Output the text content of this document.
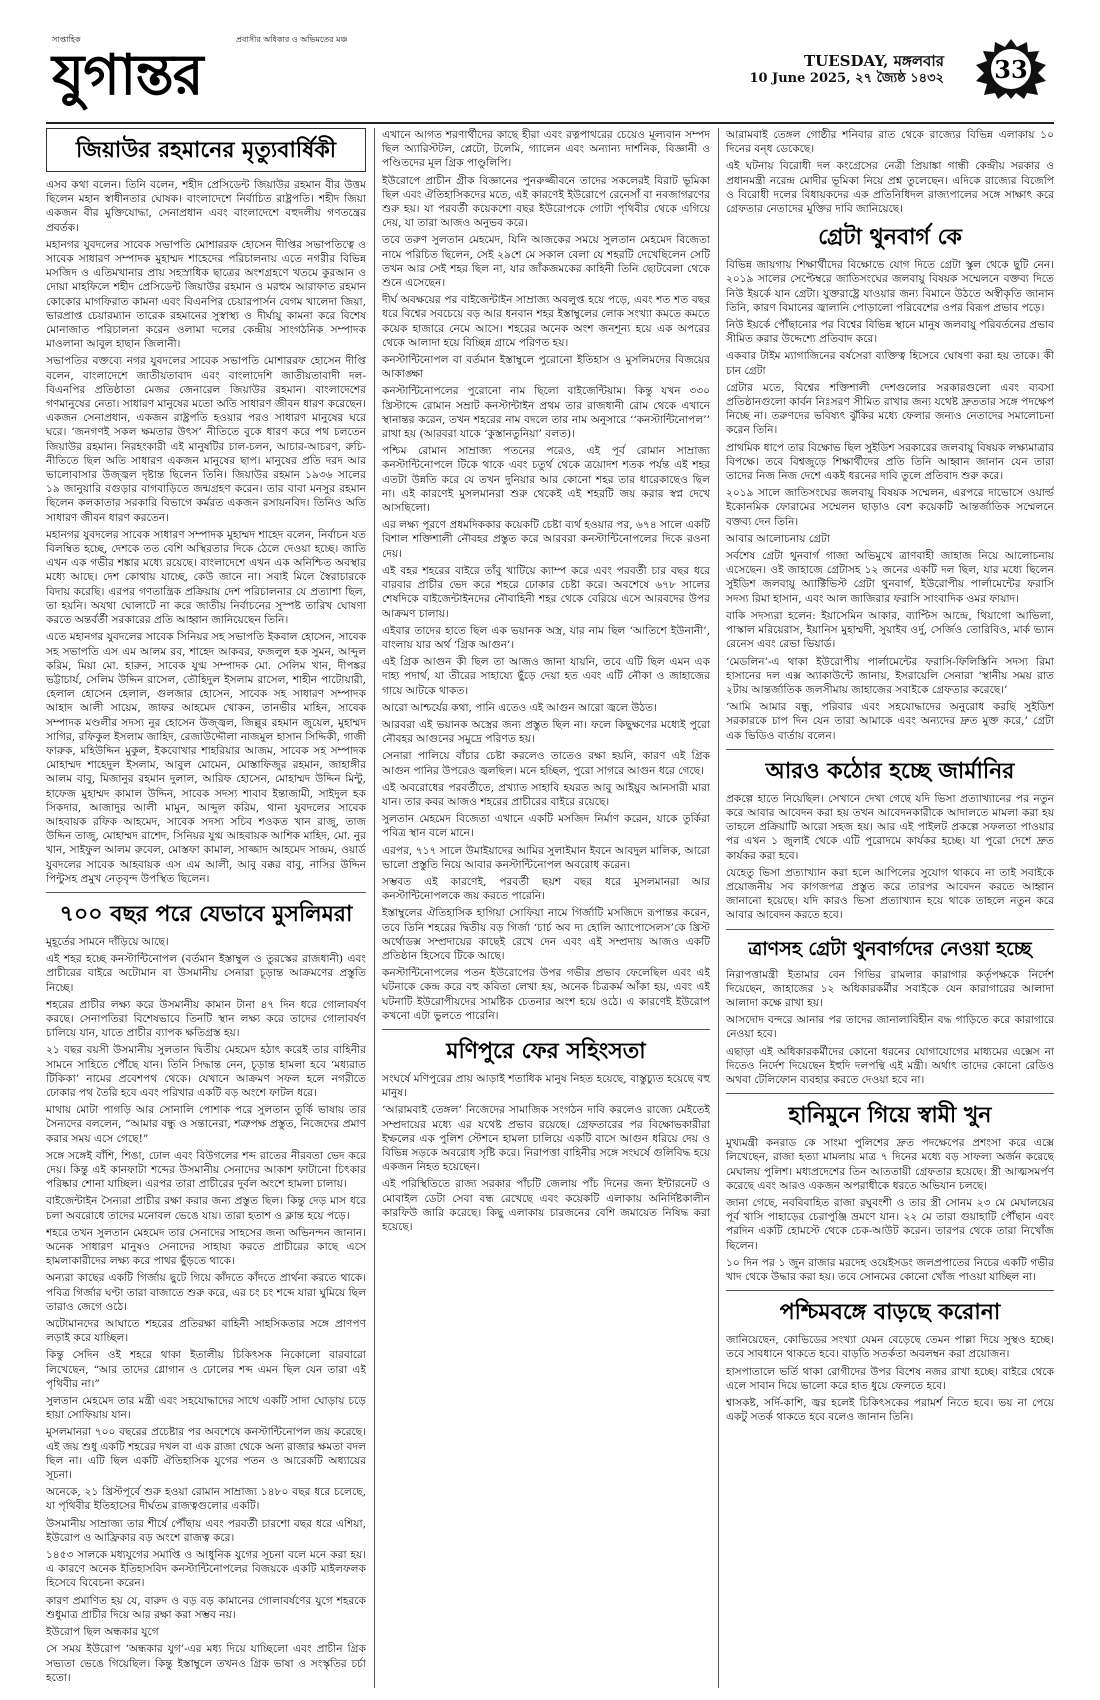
সাপ্তাহিক
যুগান্তর
প্রবাসীর অধিকার ও অভিমতের মঞ্চ
TUESDAY, মঙ্গলবার
10 June 2025, ২৭ জ্যৈষ্ঠ ১৪৩২ 33
জিয়াউর রহমানের মৃত্যুবার্ষিকী

এসব কথা বলেন। তিনি বলেন, শহীদ প্রেসিডেন্ট জিয়াউর রহমান বীর উত্তম ছিলেন মহান স্বাধীনতার ঘোষক। বাংলাদেশে নির্বাচিত রাষ্ট্রপতি। শহীদ জিয়া একজন বীর মুক্তিযোদ্ধা, সেনাপ্রধান এবং বাংলাদেশে বহুদলীয় গণতন্ত্রের প্রবর্তক।

মহানগর যুবদলের সাবেক সভাপতি মোশাররফ হোসেন দীপ্তির সভাপতিত্বে ও সাবেক সাধারণ সম্পাদক মুহাম্মদ শাহেদের পরিচালনায় এতে নগরীর বিভিন্ন মসজিদ ও এতিমখানার প্রায় সহস্রাধিক ছাত্রের অংশগ্রহণে খতমে কুরআন ও দোয়া মাহফিলে শহীদ প্রেসিডেন্ট জিয়াউর রহমান ও মরহুম আরাফাত রহমান কোকোর মাগফিরাত কামনা এবং বিএনপির চেয়ারপার্সন বেগম খালেদা জিয়া, ভারপ্রাপ্ত চেয়ারম্যান তারেক রহমানের সুস্বাস্থ্য ও দীর্ঘায়ু কামনা করে বিশেষ মোনাজাত পরিচালনা করেন ওলামা দলের কেন্দ্রীয় সাংগঠনিক সম্পাদক মাওলানা আবুল হাছান জিলানী।

সভাপতির বক্তব্যে নগর যুবদলের সাবেক সভাপতি মোশাররফ হোসেন দীপ্তি বলেন, বাংলাদেশে জাতীয়তাবাদ এবং বাংলাদেশি জাতীয়তাবাদী দল-বিএনপির প্রতিষ্ঠাতা মেজর জেনারেল জিয়াউর রহমান। বাংলাদেশের গণমানুষের নেতা। সাধারণ মানুষের মতো অতি সাধারণ জীবন ধারণ করেছেন। একজন সেনাপ্রধান, একজন রাষ্ট্রপতি হওয়ার পরও সাধারণ মানুষের ঘরে ঘরে। ‘জনগণই সকল ক্ষমতার উৎস’ নীতিতে বুকে ধারণ করে পথ চলতেন জিয়াউর রহমান। নিরহংকারী এই মানুষটির চাল-চলন, আচার-আচরণ, রুচি-নীতিতে ছিল অতি সাধারণ একজন মানুষের ছাপ। মানুষের প্রতি দরদ আর ভালোবাসার উজ্জ্বল দৃষ্টান্ত ছিলেন তিনি। জিয়াউর রহমান ১৯৩৬ সালের ১৯ জানুয়ারি বগুড়ার বাগবাড়িতে জন্মগ্রহণ করেন। তার বাবা মনসুর রহমান ছিলেন কলকাতার সরকারি বিভাগে কর্মরত একজন রসায়নবিদ। তিনিও অতি সাধারণ জীবন ধারণ করতেন।

মহানগর যুবদলের সাবেক সাধারণ সম্পাদক মুহাম্মদ শাহেদ বলেন, নির্বাচন যত বিলম্বিত হচ্ছে, দেশকে তত বেশি অস্থিরতার দিকে ঠেলে দেওয়া হচ্ছে। জাতি এখন এক গভীর শঙ্কার মধ্যে রয়েছে। বাংলাদেশে এখন এক অনিশ্চিত অবস্থার মধ্যে আছে। দেশ কোথায় যাচ্ছে, কেউ জানে না। সবাই মিলে স্বৈরাচারকে বিদায় করেছি। এরপর গণতান্ত্রিক প্রক্রিয়ায় দেশ পরিচালনার যে প্রত্যাশা ছিল, তা হয়নি। অযথা ঘোলাটে না করে জাতীয় নির্বাচনের সুস্পষ্ট তারিখ ঘোষণা করতে অন্তর্বর্তী সরকারের প্রতি আহ্বান জানিয়েছেন তিনি।

এতে মহানগর যুবদলের সাবেক সিনিয়র সহ সভাপতি ইকবাল হোসেন, সাবেক সহ সভাপতি এস এম আলম রব, শাহেদ আকবর, ফজলুল হক সুমন, আব্দুল করিম, মিয়া মো. হারুন, সাবেক যুগ্ম সম্পাদক মো. সেলিম খান, দীপঙ্কর ভট্টাচার্য, সেলিম উদ্দিন রাসেল, তৌহিদুল ইসলাম রাসেল, শাহীন পাটোয়ারী, হেলাল হোসেন হেলাল, গুলজার হোসেন, সাবেক সহ সাধারণ সম্পাদক আহাদ আলী সায়েম, জাফর আহমেদ খোকন, তানভীর মাহিন, সাবেক সম্পাদক মণ্ডলীর সদস্য নুর হোসেন উজ্জ্বল, জিল্লুর রহমান জুয়েল, মুহাম্মদ সাগির, রফিকুল ইসলাম জাহিদ, রেজাউদ্দৌলা নাজমুল হাসান সিদ্দিকী, গাজী ফারুক, মহিউদ্দিন মুকুল, ইকবোখার শাহরিয়ার আজম, সাবেক সহ সম্পাদক মোহাম্মদ শাহেদুল ইসলাম, আবুল মোমেন, মোস্তাফিজুর রহমান, জাহাঙ্গীর আলম বাবু, মিজানুর রহমান দুলাল, আরিফ হোসেন, মোহাম্মদ উদ্দিন মিন্টু, হাফেজ মুহাম্মদ কামাল উদ্দিন, সাবেক সদস্য শাবাব ইন্তাজামী, সাইদুল হক সিকদার, আজাদুর আলী মামুন, আব্দুল করিম, থানা যুবদলের সাবেক আহবায়ক রফিক আহমেদ, সাবেক সদস্য সচিব শওকত খান রাজু, তাজ উদ্দিন তাজু, মোহাম্মদ রাশেদ, সিনিয়র যুগ্ম আহবায়ক আশিক মাহিদ, মো. নুর খান, সাইফুল আলম রুবেল, মোস্তফা কামাল, সাজ্জাদ আহমেদ সান্দ্রম, ওয়ার্ড যুবদলের সাবেক আহবায়ক এস এম আলী, আবু বক্কর বাবু, নাসির উদ্দিন পিন্টুসহ প্রমুখ নেতৃবৃন্দ উপস্থিত ছিলেন।

৭০০ বছর পরে যেভাবে মুসলিমরা

মুহূর্তের সামনে দাঁড়িয়ে আছে।

এই শহর হচ্ছে কনস্টান্টিনোপল (বর্তমান ইস্তাম্বুল ও তুরস্কের রাজধানী) এবং প্রাচীরের বাইরে অটোমান বা উসমানীয় সেনারা চূড়ান্ত আক্রমণের প্রস্তুতি নিচ্ছে।

শহরের প্রাচীর লক্ষ্য করে উসমানীয় কামান টানা ৪৭ দিন ধরে গোলাবর্ষণ করছে। সেনাপতিরা বিশেষভাবে তিনটি স্থান লক্ষ্য করে তাদের গোলাবর্ষণ চালিয়ে যান, যাতে প্রাচীর ব্যাপক ক্ষতিগ্রস্ত হয়।

২১ বছর বয়সী উসমানীয় সুলতান দ্বিতীয় মেহমেদ হঠাৎ করেই তার বাহিনীর সামনে সাহিতে পৌঁছে যান। তিনি সিদ্ধান্ত নেন, চূড়ান্ত হামলা হবে ‘মধ্যরাত টিকিকা’ নামের প্রবেশপথ থেকে। যেখানে আক্রমণ সফল হলে নগরীতে ঢোকার পথ তৈরি হবে এবং পরিখার একটি বড় অংশে ফাটল ধরে।

মাথায় মোটা পাগড়ি আর সোনালি পোশাক পরে সুলতান তুর্কি ভাষায় তার সৈন্যদের বললেন, “আমার বন্ধু ও সন্তানেরা, শত্রুপক্ষ প্রস্তুত, নিজেদের প্রমাণ করার সময় এসে গেছে!”

সঙ্গে সঙ্গেই বাঁশি, শিঙা, ঢোল এবং বিউগলের শব্দ রাতের নীরবতা ভেদ করে দেয়। কিন্তু এই কানফাটা শব্দের উসমানীয় সেনাদের আকাশ ফাটানো চিৎকার পরিষ্কার শোনা যাচ্ছিল। এরপর তারা প্রাচীরের দুর্বল অংশে হামলা চালায়।

বাইজেন্টাইন সৈন্যরা প্রাচীর রক্ষা করার জন্য প্রস্তুত ছিল। কিন্তু দেড় মাস ধরে চলা অবরোধে তাদের মনোবল ভেঙে যায়। তারা হতাশ ও ক্লান্ত হয়ে পড়ে।

শহরে তখন সুলতান মেহমেদ তার সেনাদের সাহসের জন্য অভিনন্দন জানান। অনেক সাধারণ মানুষও সেনাদের সাহায্য করতে প্রাচীরের কাছে এসে হামলাকারীদের লক্ষ্য করে পাথর ছুঁড়তে থাকে।

অন্যরা কাছের একটি গির্জায় ছুটে গিয়ে কাঁদতে কাঁদতে প্রার্থনা করতে থাকে। পবিত্র গির্জার ঘণ্টা তারা বাজাতে শুরু করে, এর চং চং শব্দে যারা ঘুমিয়ে ছিল তারাও জেগে ওঠে।

অটোমানদের আঘাতে শহরের প্রতিরক্ষা বাহিনী সাহসিকতার সঙ্গে প্রাণপণ লড়াই করে যাচ্ছিল।

কিন্তু সেদিন ওই শহরে থাকা ইতালীয় চিকিৎসক নিকোলো বারবারো লিখেছেন, “আর তাদের গ্লোগান ও ঢোলের শব্দ এমন ছিল যেন তারা এই পৃথিবীর না।”

সুলতান মেহমেদ তার মন্ত্রী এবং সহযোদ্ধাদের সাথে একটি সাদা ঘোড়ায় চড়ে হায়া সোফিয়ায় যান।

মুসলমানরা ৭০০ বছরের প্রচেষ্টার পর অবশেষে কনস্টান্টিনোপল জয় করেছে। এই জয় শুধু একটি শহরের দখল বা এক রাজা থেকে অন্য রাজার ক্ষমতা বদল ছিল না। এটি ছিল একটি ঐতিহাসিক যুগের পতন ও আরেকটি অধ্যায়ের সূচনা।

অনেকে, ২১ খ্রিস্টপূর্বে শুরু হওয়া রোমান সাম্রাজ্য ১৪৮০ বছর ধরে চলেছে, যা পৃথিবীর ইতিহাসের দীর্ঘতম রাজত্বগুলোর একটি।

উসমানীয় সাম্রাজ্য তার শীর্ষে পৌঁছায় এবং পরবর্তী চারশো বছর ধরে এশিয়া, ইউরোপ ও আফ্রিকার বড় অংশে রাজত্ব করে।

১৪৫৩ সালকে মধ্যযুগের সমাপ্তি ও আধুনিক যুগের সূচনা বলে মনে করা হয়। এ কারণে অনেক ইতিহাসবিদ কনস্টান্টিনোপলের বিজয়কে একটি মাইলফলক হিসেবে বিবেচনা করেন।

কারণ প্রমাণিত হয় যে, বারুদ ও বড় বড় কামানের গোলাবর্ষণের যুগে শহরকে শুধুমাত্র প্রাচীর দিয়ে আর রক্ষা করা সম্ভব নয়।

ইউরোপ ছিল অন্ধকার যুগে

সে সময় ইউরোপ ‘অন্ধকার যুগ’-এর মধ্য দিয়ে যাচ্ছিলো এবং প্রাচীন গ্রিক সভ্যতা ভেঙে গিয়েছিল। কিন্তু ইস্তাম্বুলে তখনও গ্রিক ভাষা ও সংস্কৃতির চর্চা হতো।

এখানে আগত শরণার্থীদের কাছে হীরা এবং রত্নপাথরের চেয়েও মূল্যবান সম্পদ ছিল অ্যারিস্টটল, প্লেটো, টলেমি, গ্যালেন এবং অন্যান্য দার্শনিক, বিজ্ঞানী ও পণ্ডিতদের মূল গ্রিক পাণ্ডুলিপি।

ইউরোপে প্রাচীন গ্রীক বিজ্ঞানের পুনরুজ্জীবনে তাদের সকলেরই বিরাট ভূমিকা ছিল এবং ঐতিহাসিকদের মতে, এই কারণেই ইউরোপে রেনেসাঁ বা নবজাগরণের শুরু হয়। যা পরবর্তী কয়েকশো বছর ইউরোপকে গোটা পৃথিবীর থেকে এগিয়ে দেয়, যা তারা আজও অনুভব করে।

তবে তরুণ সুলতান মেহমেদ, যিনি আজকের সময়ে সুলতান মেহমেদ বিজেতা নামে পরিচিত ছিলেন, সেই ২৯শে মে সকাল বেলা যে শহরটি দেখেছিলেন সেটি তখন আর সেই শহর ছিল না, যার জাঁকজমকের কাহিনী তিনি ছোটবেলা থেকে শুনে এসেছেন।

দীর্ঘ অবক্ষয়ের পর বাইজেন্টাইন সাম্রাজ্য অবলুপ্ত হয়ে পড়ে, এবং শত শত বছর ধরে বিশ্বের সবচেয়ে বড় আর ধনবান শহর ইস্তাম্বুলের লোক সংখ্যা কমতে কমতে কয়েক হাজারে নেমে আসে। শহরের অনেক অংশ জনশূন্য হয়ে এক অপরের থেকে আলাদা হয়ে বিচ্ছিন্ন গ্রামে পরিণত হয়।

কনস্টান্টিনোপল বা বর্তমান ইস্তাম্বুলে পুরোনো ইতিহাস ও মুসলিমদের বিজয়ের আকাঙ্ক্ষা

কনস্টান্টিনোপলের পুরোনো নাম ছিলো বাইজেন্টিয়াম। কিন্তু যখন ৩৩০ খ্রিস্টাব্দে রোমান সম্রাট কনস্টান্টাইন প্রথম তার রাজধানী রোম থেকে এখানে স্থানান্তর করেন, তখন শহরের নাম বদলে তার নাম অনুসারে ‘‘কনস্টান্টিনোপল’’ রাখা হয় (আরবরা যাকে ‘কুস্তানতুনিয়া’ বলত)।

পশ্চিম রোমান সাম্রাজ্য পতনের পরেও, এই পূর্ব রোমান সাম্রাজ্য কনস্টান্টিনোপলে টিকে থাকে এবং চতুর্থ থেকে ত্রয়োদশ শতক পর্যন্ত এই শহর এতটা উন্নতি করে যে তখন দুনিয়ার আর কোনো শহর তার ধারেকাছেও ছিল না। এই কারণেই মুসলমানরা শুরু থেকেই এই শহরটি জয় করার স্বপ্ন দেখে আসছিলো।

এর লক্ষ্য পূরণে প্রধমদিককার কয়েকটি চেষ্টা ব্যর্থ হওয়ার পর, ৬৭৪ সালে একটি বিশাল শক্তিশালী নৌবহর প্রস্তুত করে আরবরা কনস্টান্টিনোপলের দিকে রওনা দেয়।

এই বহর শহরের বাইরে তাঁবু খাটিয়ে ক্যাম্প করে এবং পরবর্তী চার বছর ধরে বারবার প্রাচীর ভেদ করে শহরে ঢোকার চেষ্টা করে। অবশেষে ৬৭৮ সালের শেষদিকে বাইজেন্টাইনদের নৌবাহিনী শহর থেকে বেরিয়ে এসে আরবদের উপর আক্রমণ চালায়।

এইবার তাদের হাতে ছিল এক ভয়ানক অস্ত্র, যার নাম ছিল ‘আতিশে ইউনানী’, বাংলায় যার অর্থ ‘গ্রিক আগুন’।

এই গ্রিক আগুন কী ছিল তা আজও জানা যায়নি, তবে এটি ছিল এমন এক দাহ্য পদার্থ, যা তীরের সাহায্যে ছুঁড়ে দেয়া হত এবং এটি নৌকা ও জাহাজের গায়ে আটকে থাকত।

আরো আশ্চর্যের কথা, পানি এতেও এই আগুন আরো জ্বলে উঠত।

আরবরা এই ভয়ানক অস্ত্রের জন্য প্রস্তুত ছিল না। ফলে কিছুক্ষণের মধ্যেই পুরো নৌবহর আগুনের সমুদ্রে পরিণত হয়।

সেনারা পালিয়ে বাঁচার চেষ্টা করলেও তাতেও রক্ষা হয়নি, কারণ এই গ্রিক আগুন পানির উপরেও জ্বলছিল। মনে হচ্ছিল, পুরো সাগরে আগুন ধরে গেছে।

এই অবরোধের পরবর্তীতে, প্রখ্যাত সাহাবি হযরত আবু আইয়ুব আনসারী মারা যান। তার কবর আজও শহরের প্রাচীরের বাইরে রয়েছে।

সুলতান মেহমেদ বিজেতা এখানে একটি মসজিদ নির্মাণ করেন, যাকে তুর্কিরা পবিত্র স্থান বলে মানে।

এরপর, ৭১৭ সালে উমাইয়াদের আমির সুলাইমান ইবনে আবদুল মালিক, আরো ভালো প্রস্তুতি নিয়ে আবার কনস্টান্টিনোপল অবরোধ করেন।

সম্ভবত এই কারণেই, পরবর্তী ছয়শ বছর ধরে মুসলমানরা আর কনস্টান্টিনোপলকে জয় করতে পারেনি।

ইস্তাম্বুলের ঐতিহাসিক হাগিয়া সোফিয়া নামে গির্জাটি মসজিদে রূপান্তর করেন, তবে তিনি শহরের দ্বিতীয় বড় গির্জা ‘চার্চ অব দ্য হোলি অ্যাপোসেলস’কে খ্রিস্ট অর্থোডক্স সম্প্রদায়ের কাছেই রেখে দেন এবং এই সম্প্রদায় আজও একটি প্রতিষ্ঠান হিসেবে টিকে আছে।

কনস্টান্টিনোপলের পতন ইউরোপের উপর গভীর প্রভাব ফেলেছিল এবং এই ঘটনাকে কেন্দ্র করে বহু কবিতা লেখা হয়, অনেক চিত্রকর্ম আঁকা হয়, এবং এই ঘটনাটি ইউরোপীয়দের সামষ্টিক চেতনার অংশ হয়ে ওঠে। এ কারণেই ইউরোপ কখনো এটা ভুলতে পারেনি।

মণিপুরে ফের সহিংসতা

সংঘর্ষে মণিপুরের প্রায় আড়াই শতাধিক মানুষ নিহত হয়েছে, বাস্তুচ্যুত হয়েছে বহু মানুষ।

‘আরামবাই তেঙ্গল’ নিজেদের সামাজিক সংগঠন দাবি করলেও রাজ্যে মেইতেই সম্প্রদায়ের মধ্যে এর যথেষ্ট প্রভাব রয়েছে। গ্রেফতারের পর বিক্ষোভকারীরা ইম্ফলের এক পুলিশ স্টেশনে হামলা চালিয়ে একটি বাসে আগুন ধরিয়ে দেয় ও বিভিন্ন সড়কে অবরোধ সৃষ্টি করে। নিরাপত্তা বাহিনীর সঙ্গে সংঘর্ষে গুলিবিদ্ধ হয়ে একজন নিহত হয়েছেন।

এই পরিস্থিতিতে রাজ্য সরকার পাঁচটি জেলায় পাঁচ দিনের জন্য ইন্টারনেট ও মোবাইল ডেটা সেবা বন্ধ রেখেছে এবং কয়েকটি এলাকায় অনির্দিষ্টকালীন কারফিউ জারি করেছে। কিছু এলাকায় চারজনের বেশি জমায়েত নিষিদ্ধ করা হয়েছে।

আরামবাই তেঙ্গল গোষ্ঠীর শনিবার রাত থেকে রাজ্যের বিভিন্ন এলাকায় ১০ দিনের বন্‌ধ ডেকেছে।

এই ঘটনায় বিরোধী দল কংগ্রেসের নেত্রী প্রিয়াঙ্কা গান্ধী কেন্দ্রীয় সরকার ও প্রধানমন্ত্রী নরেন্দ্র মোদীর ভূমিকা নিয়ে প্রশ্ন তুলেছেন। এদিকে রাজ্যের বিজেপি ও বিরোধী দলের বিধায়কদের এক প্রতিনিধিদল রাজ্যপালের সঙ্গে সাক্ষাৎ করে গ্রেফতার নেতাদের মুক্তির দাবি জানিয়েছে।

গ্রেটা থুনবার্গ কে

বিভিন্ন জায়গায় শিক্ষার্থীদের বিক্ষোভে যোগ দিতে গ্রেটা স্কুল থেকে ছুটি নেন। ২০১৯ সালের সেপ্টেম্বরে জাতিসংঘের জলবায়ু বিষয়ক সম্মেলনে বক্তব্য দিতে নিউ ইয়র্কে যান গ্রেটা। যুক্তরাষ্ট্রে যাওয়ার জন্য বিমানে উঠতে অস্বীকৃতি জানান তিনি, কারণ বিমানের জ্বালানি পোড়ালো পরিবেশের ওপর বিরূপ প্রভাব পড়ে।

নিউ ইয়র্কে পৌঁছানোর পর বিশ্বের বিভিন্ন স্থানে মানুষ জলবায়ু পরিবর্তনের প্রভাব সীমিত করার উদ্দেশ্যে প্রতিবাদ করে।

একবার টাইম ম্যাগাজিনের বর্ষসেরা ব্যক্তিত্ব হিসেবে ঘোষণা করা হয় তাকে। কী চান গ্রেটা

গ্রেটার মতে, বিশ্বের শক্তিশালী দেশগুলোর সরকারগুলো এবং ব্যবসা প্রতিষ্ঠানগুলো কার্বন নিঃসরণ সীমিত রাখার জন্য যথেষ্ট দ্রুততার সঙ্গে পদক্ষেপ নিচ্ছে না। তরুণদের ভবিষ্যৎ ঝুঁকির মধ্যে ফেলার জন্যও নেতাদের সমালোচনা করেন তিনি।

প্রাথমিক ধাপে তার বিক্ষোভ ছিল সুইডিশ সরকারের জলবায়ু বিষয়ক লক্ষ্যমাত্রার বিপক্ষে। তবে বিশ্বজুড়ে শিক্ষার্থীদের প্রতি তিনি আহ্বান জানান যেন তারা তাদের নিজ নিজ দেশে একই ধরনের দাবি তুলে প্রতিবাদ শুরু করে।

২০১৯ সালে জাতিসংঘের জলবায়ু বিষয়ক সম্মেলন, এরপরে দাভোসে ওয়ার্ল্ড ইকোনমিক ফোরামের সম্মেলন ছাড়াও বেশ কয়েকটি আন্তর্জাতিক সম্মেলনে বক্তব্য দেন তিনি।

আবার আলোচনায় গ্রেটা

সর্বশেষ গ্রেটা থুনবার্গ গাজা অভিমুখে ত্রাণবাহী জাহাজ নিয়ে আলোচনায় এসেছেন। ওই জাহাজে গ্রেটাসহ ১২ জনের একটি দল ছিল, যার মধ্যে ছিলেন সুইডিশ জলবায়ু অ্যাক্টিভিস্ট গ্রেটা থুনবার্গ, ইউরোপীয় পার্লামেন্টের ফরাসি সদস্য রিমা হাসান, এবং আল জাজিরার ফরাসি সাংবাদিক ওমর ফায়াদ।

বাকি সদস্যরা হলেন: ইয়াসেমিন আকার, ব্যাপ্টিস আন্দ্রে, থিয়াগো আভিলা, পাস্কাল মরিয়েরাস, ইয়ানিস মুহাম্মদী, সুয়াইব ওর্দু, সের্জিও তোরিবিও, মার্ক ভ্যান রেনেস এবং রেভা ভিয়ার্ড।

‘মেডলিন’-এ থাকা ইউরোপীয় পার্লামেন্টের ফরাসি-ফিলিস্তিনি সদস্য রিমা হাসানের দল এক্স অ্যাকাউন্টে জানায়, ইসরায়েলি সেনারা ‘স্থানীয় সময় রাত ২টায় আন্তর্জাতিক জলসীমায় জাহাজের সবাইকে গ্রেফতার করেছে।’

‘আমি আমার বন্ধু, পরিবার এবং সহযোদ্ধাদের অনুরোধ করছি সুইডিশ সরকারকে চাপ দিন যেন তারা আমাকে এবং অন্যদের দ্রুত মুক্ত করে,’ গ্রেটা এক ভিডিও বার্তায় বলেন।

আরও কঠোর হচ্ছে জার্মানির

প্রকল্পে হাতে নিয়েছিল। সেখানে দেখা গেছে যদি ভিসা প্রত্যাখ্যানের পর নতুন করে আবার আবেদন করা হয় তখন আবেদনকারীকে আদালতে মামলা করা হয় তাহলে প্রক্রিয়াটি আরো সহজ হয়। আর এই পাইলট প্রকল্পে সফলতা পাওয়ার পর এখন ১ জুলাই থেকে এটি পুরোদমে কার্যকর হচ্ছে। যা পুরো দেশে দ্রুত কার্যকর করা হবে।

যেহেতু ভিসা প্রত্যাখ্যান করা হলে আপিলের সুযোগ থাকবে না তাই সবাইকে প্রয়োজনীয় সব কাগজপত্র প্রস্তুত করে তারপর আবেদন করতে আহ্বান জানানো হয়েছে। যদি কারও ভিসা প্রত্যাখ্যান হয়ে থাকে তাহলে নতুন করে আবার আবেদন করতে হবে।

ত্রাণসহ গ্রেটা থুনবার্গদের নেওয়া হচ্ছে

নিরাপত্তামন্ত্রী ইতামার বেন গিভির রামলার কারাগার কর্তৃপক্ষকে নির্দেশ দিয়েছেন, জাহাজের ১২ অধিকারকর্মীর সবাইকে যেন কারাগারের আলাদা আলাদা কক্ষে রাখা হয়।

আসদোদ বন্দরে আনার পর তাদের জানালাবিহীন বদ্ধ গাড়িতে করে কারাগারে নেওয়া হবে।

এছাড়া এই অধিকারকর্মীদের কোনো ধরনের যোগাযোগের মাধ্যমের এক্সেস না দিতেও নির্দেশ দিয়েছেন ইহুদি দলপন্থি এই মন্ত্রী। অর্থাৎ তাদের কোনো রেডিও অথবা টেলিফোন ব্যবহার করতে দেওয়া হবে না।

হানিমুনে গিয়ে স্বামী খুন

মুখ্যমন্ত্রী কনরাড কে সাংমা পুলিশের দ্রুত পদক্ষেপের প্রশংসা করে এক্সে লিখেছেন, রাজা হত্যা মামলায় মাত্র ৭ দিনের মধ্যে বড় সাফল্য অর্জন করেছে মেঘালয় পুলিশ। মধ্যপ্রদেশের তিন আততায়ী গ্রেফতার হয়েছে। স্ত্রী আত্মসমর্পণ করেছে এবং আরও একজন অপরাধীকে ধরতে অভিযান চলছে।

জানা গেছে, নববিবাহিত রাজা রঘুবংশী ও তার স্ত্রী সোনম ২৩ মে মেঘালয়ের পূর্ব খাসি পাহাড়ের চেরাপুঞ্জি ভ্রমণে যান। ২২ মে তারা গুয়াহাটি পৌঁছান এবং পরদিন একটি হোমস্টে থেকে চেক-আউট করেন। তারপর থেকে তারা নিখোঁজ ছিলেন।

১০ দিন পর ১ জুন রাজার মরদেহ ওয়েইসডং জলপ্রপাতের নিচের একটি গভীর খাদ থেকে উদ্ধার করা হয়। তবে সোনমের কোনো খোঁজ পাওয়া যাচ্ছিল না।

পশ্চিমবঙ্গে বাড়ছে করোনা

জানিয়েছেন, কোভিডের সংখ্যা যেমন বেড়েছে তেমন পাল্লা দিয়ে সুস্থও হচ্ছে। তবে সাবধানে থাকতে হবে। বাড়তি সতর্কতা অবলম্বন করা প্রয়োজন।

হাসপাতালে ভর্তি থাকা রোগীদের উপর বিশেষ নজর রাখা হচ্ছে। বাইরে থেকে এলে সাবান দিয়ে ভালো করে হাত ধুয়ে ফেলতে হবে।

শ্বাসকষ্ট, সর্দি-কাশি, জ্বর হলেই চিকিৎসকের পরামর্শ নিতে হবে। ভয় না পেয়ে একটু সতর্ক থাকতে হবে বলেও জানান তিনি।
